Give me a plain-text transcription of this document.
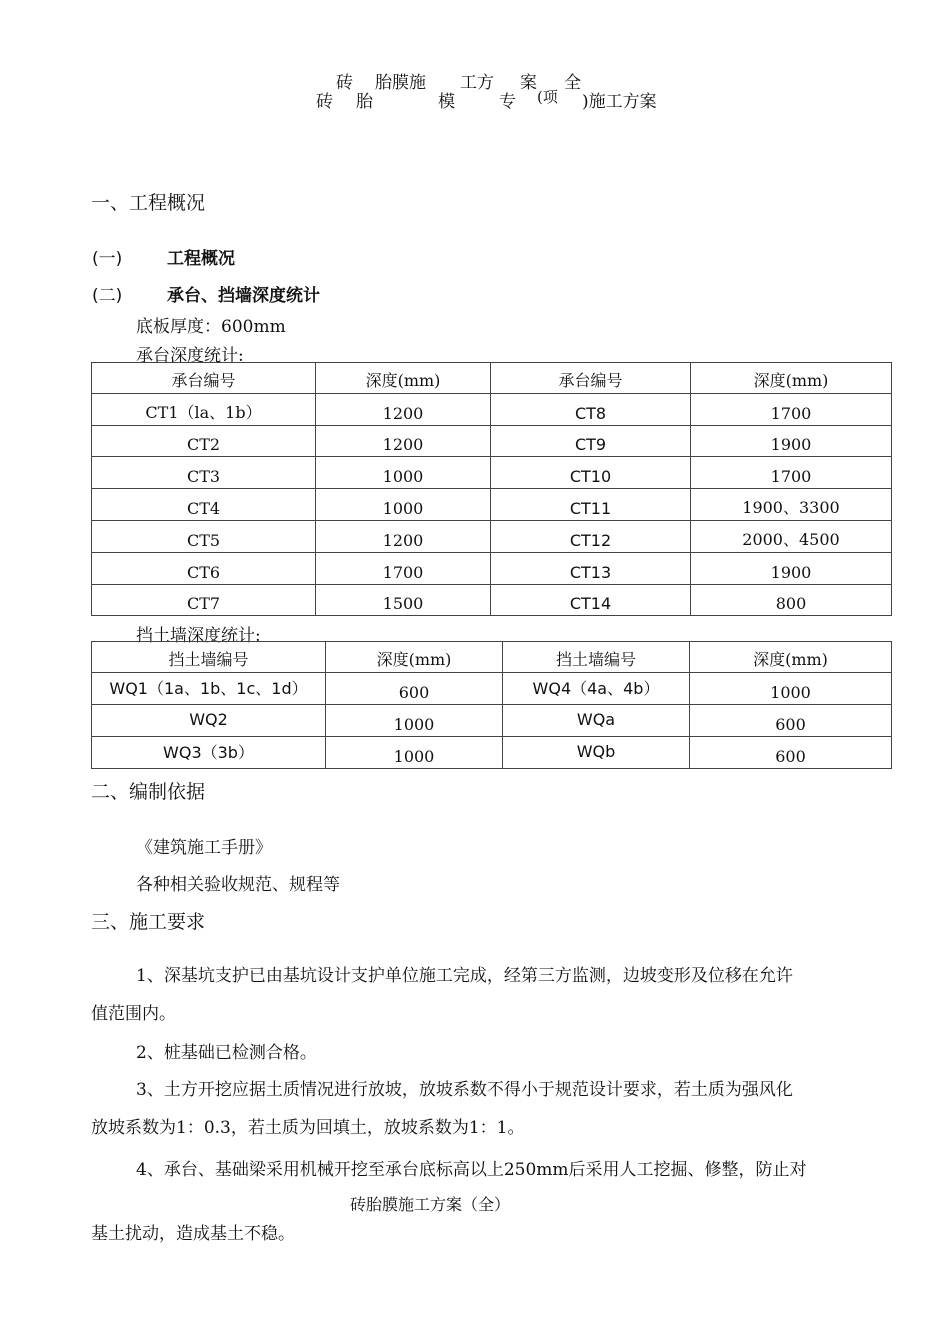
砖 胎膜施 工方 案 全
砖 胎	模	专 (项 )施工方案
一、工程概况
(一)	工程概况
(二)	承台、挡墙深度统计
底板厚度：600mm
承台深度统计:
承台编号	深度(mm)	承台编号	深度(mm)
CT1（la、1b）	1200	CT8	1700
CT2	1200	CT9	1900
CT3	1000	CT10	1700
CT4	1000	CT11	1900、3300
CT5	1200	CT12	2000、4500
CT6	1700	CT13	1900
CT7	1500	CT14	800
挡土墙深度统计:
挡土墙编号	深度(mm)	挡土墙编号	深度(mm)
WQ1（1a、1b、1c、1d）	600	WQ4（4a、4b）	1000
WQ2	1000	WQa	600
WQ3（3b）	1000	WQb	600
二、编制依据
《建筑施工手册》
各种相关验收规范、规程等
三、施工要求
1、深基坑支护已由基坑设计支护单位施工完成，经第三方监测，边坡变形及位移在允许
值范围内。
2、桩基础已检测合格。
3、土方开挖应据土质情况进行放坡，放坡系数不得小于规范设计要求，若土质为强风化
放坡系数为1：0.3，若土质为回填土，放坡系数为1：1。
4、承台、基础梁采用机械开挖至承台底标高以上250mm后采用人工挖掘、修整，防止对
砖胎膜施工方案（全）
基土扰动，造成基土不稳。
